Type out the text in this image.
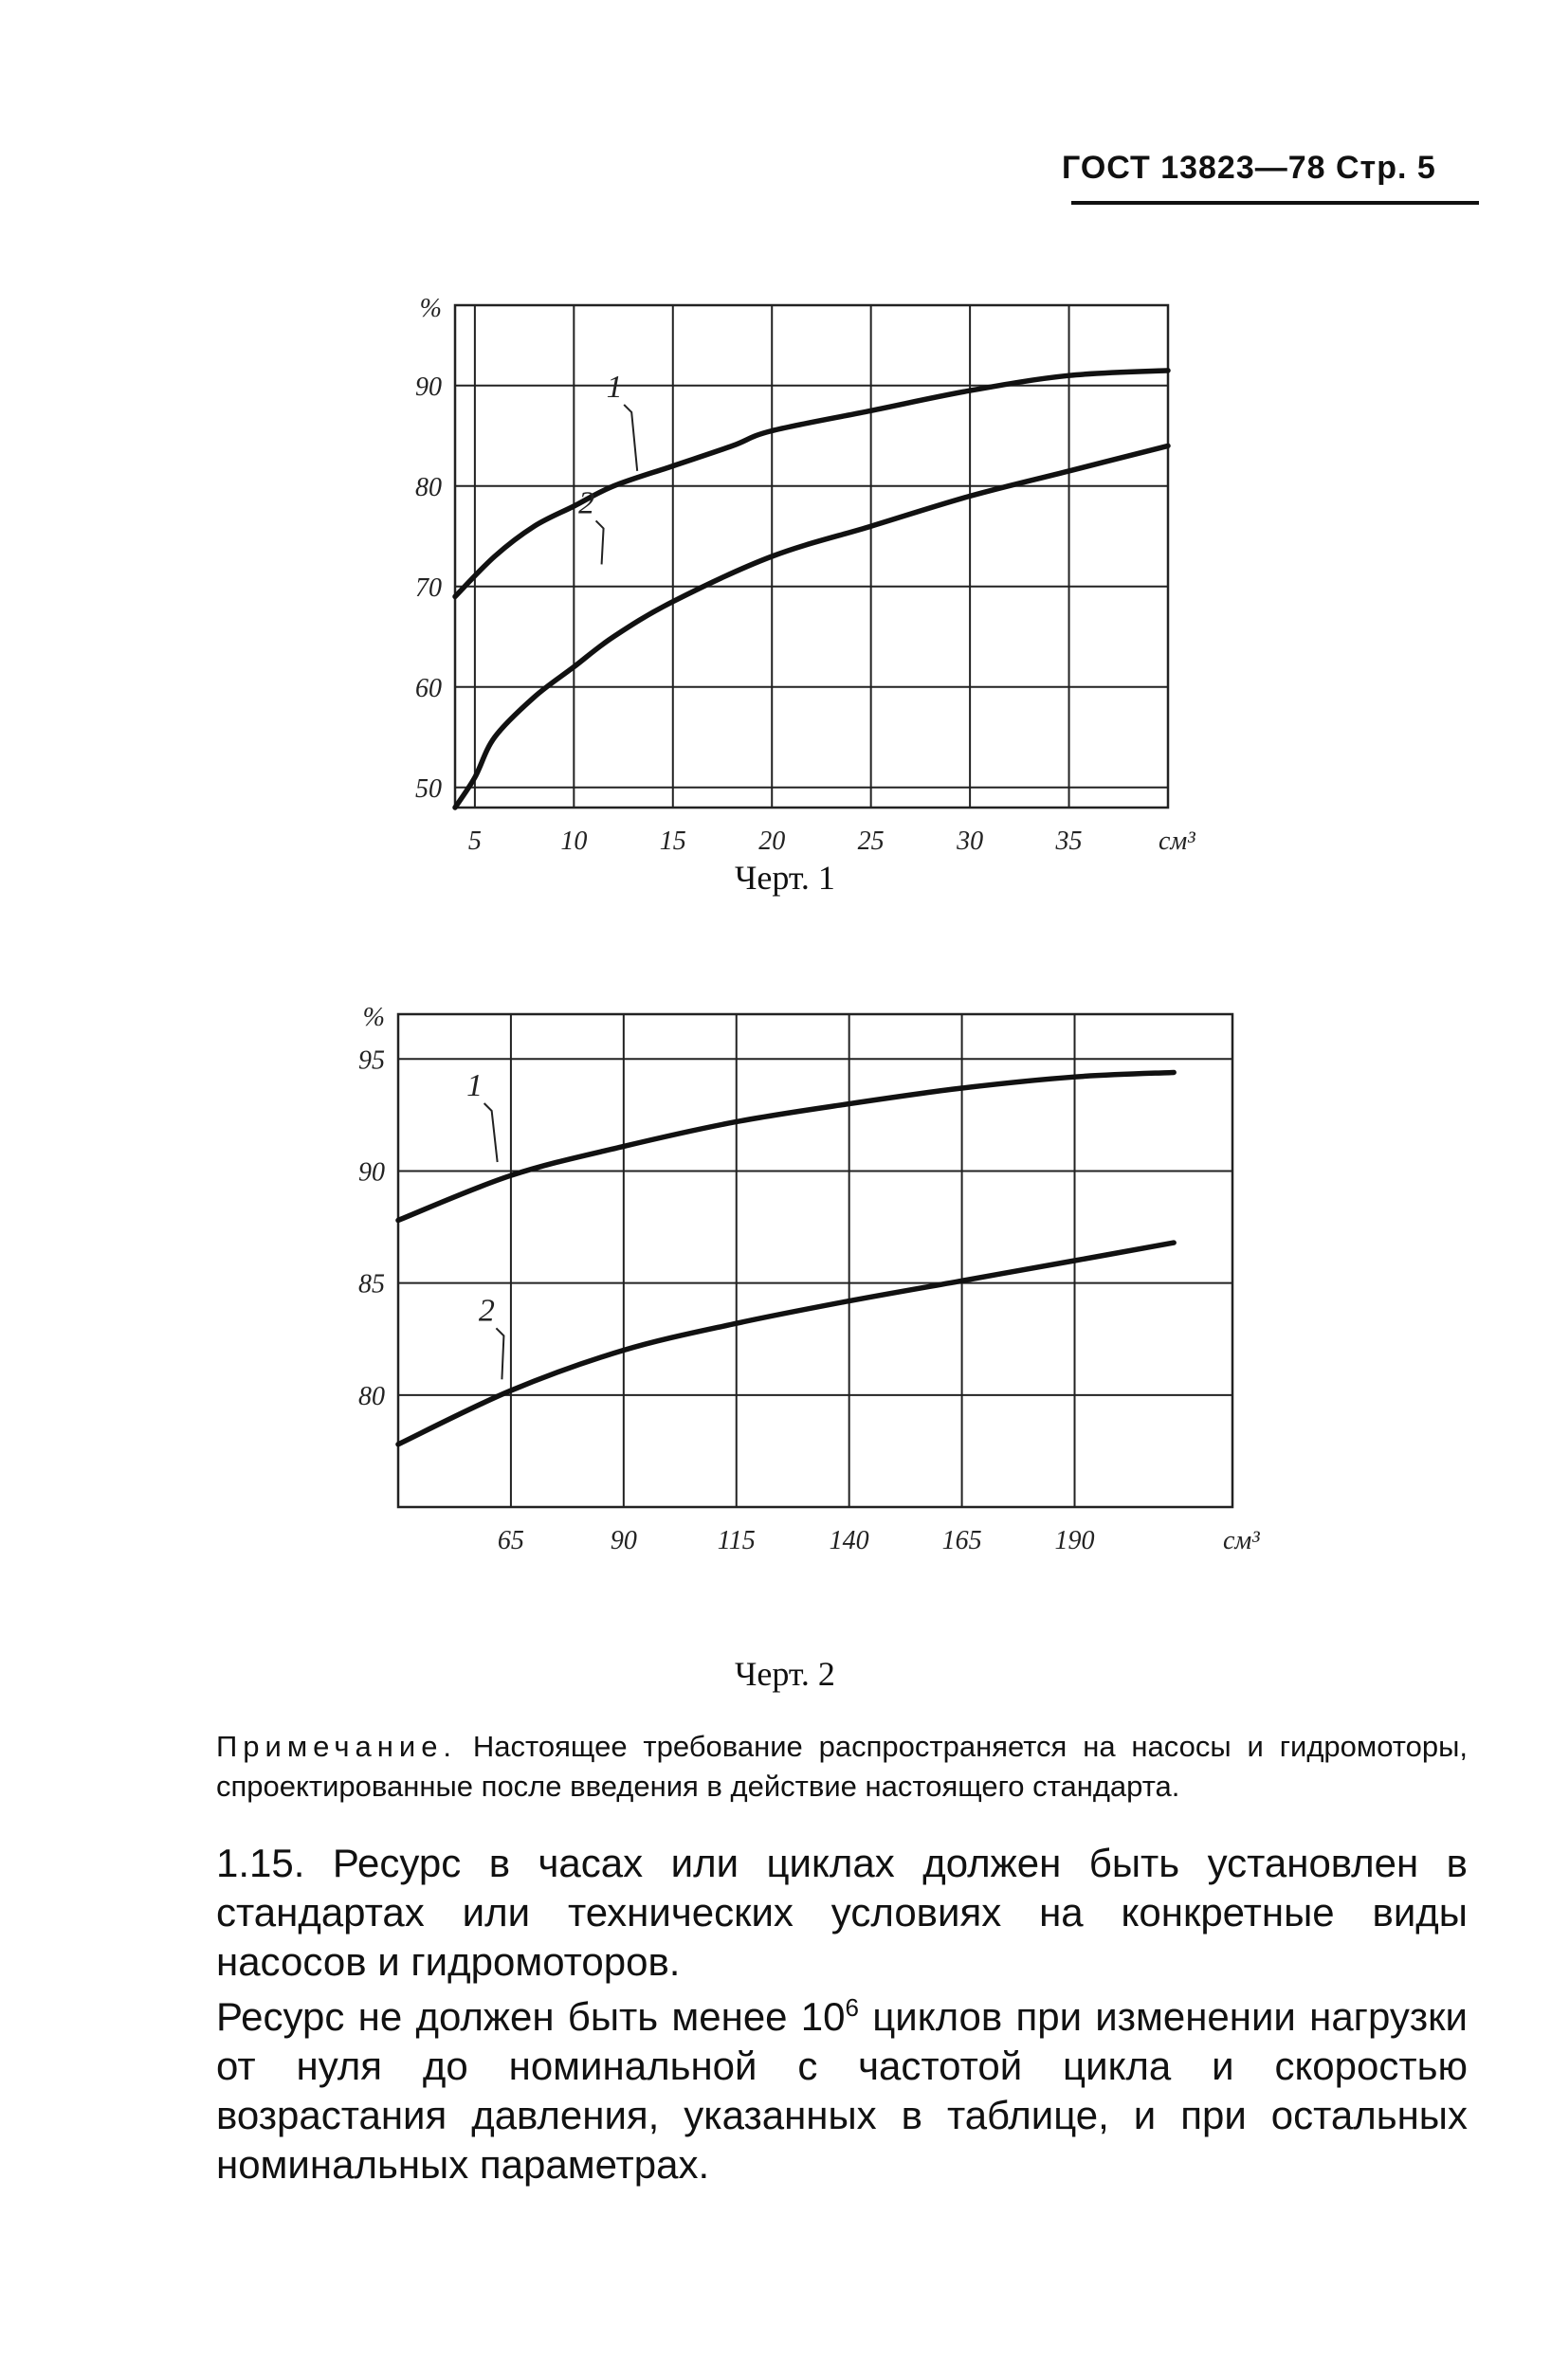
ГОСТ 13823—78 Стр. 5
5	10	15	20	25	30	35	см³
50
60
70
80
90
%
1
2
Черт. 1
65	90	115	140	165	190	см³
80
85
90
95
%
1
2
Черт. 2
Примечание. Настоящее требование распространяется на насосы и гидромоторы, спроектированные после введения в действие настоящего стандарта.
1.15. Ресурс в часах или циклах должен быть установлен в стандартах или технических условиях на конкретные виды насосов и гидромоторов.
Ресурс не должен быть менее $10^6$ циклов при изменении нагрузки от нуля до номинальной с частотой цикла и скоростью возрастания давления, указанных в таблице, и при остальных номинальных параметрах.
